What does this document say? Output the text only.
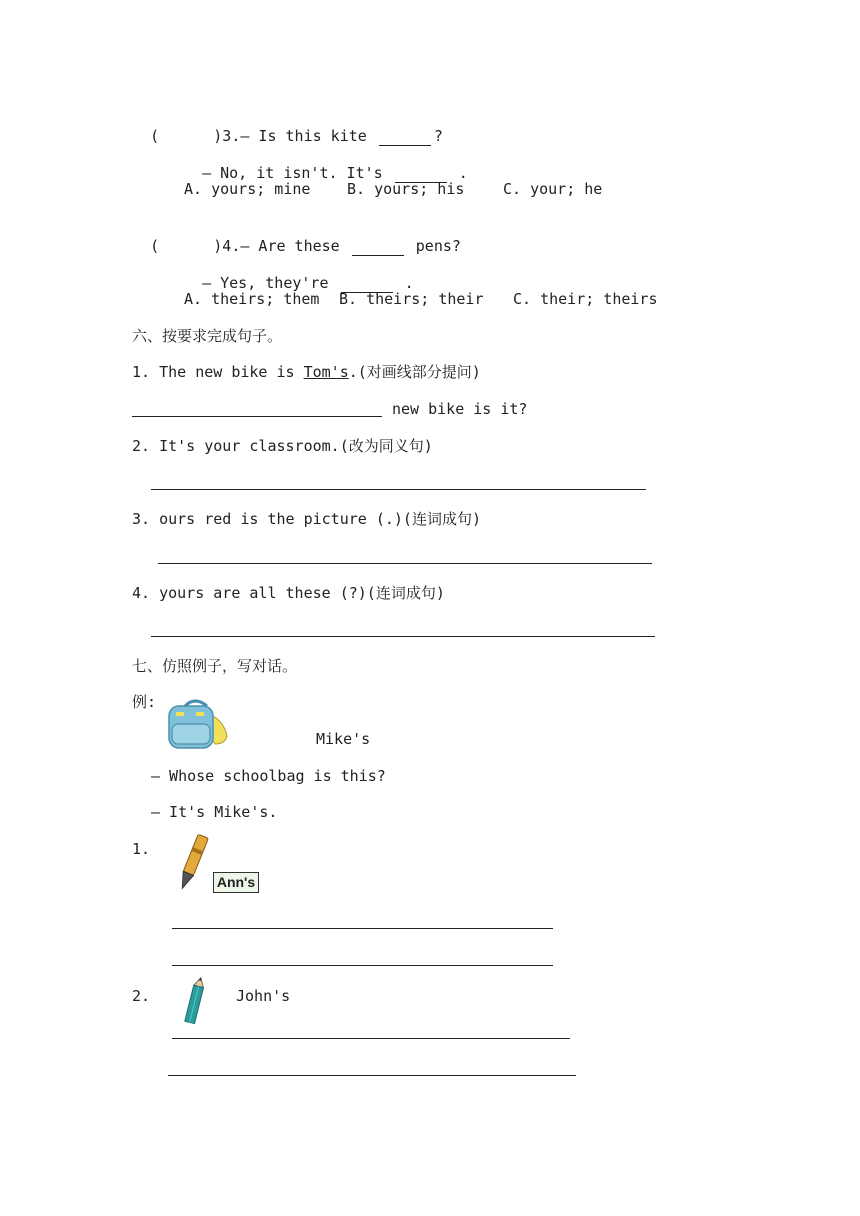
(      )3.— Is this kite	?

— No, it isn't. It's	.

A. yours; mine B. yours; his	C. your; he

(      )4.— Are these	pens?

— Yes, they're	.

A. theirs; them B. theirs; their C. their; theirs
六、按要求完成句子。
1. The new bike is Tom's.(对画线部分提问)
new bike is it?
2. It's your classroom.(改为同义句)
3. ours red is the picture (.)(连词成句)
4. yours are all these (?)(连词成句)
七、仿照例子，写对话。
例:
Mike's
— Whose schoolbag is this?
— It's Mike's.
1.
Ann's
2.	John's
